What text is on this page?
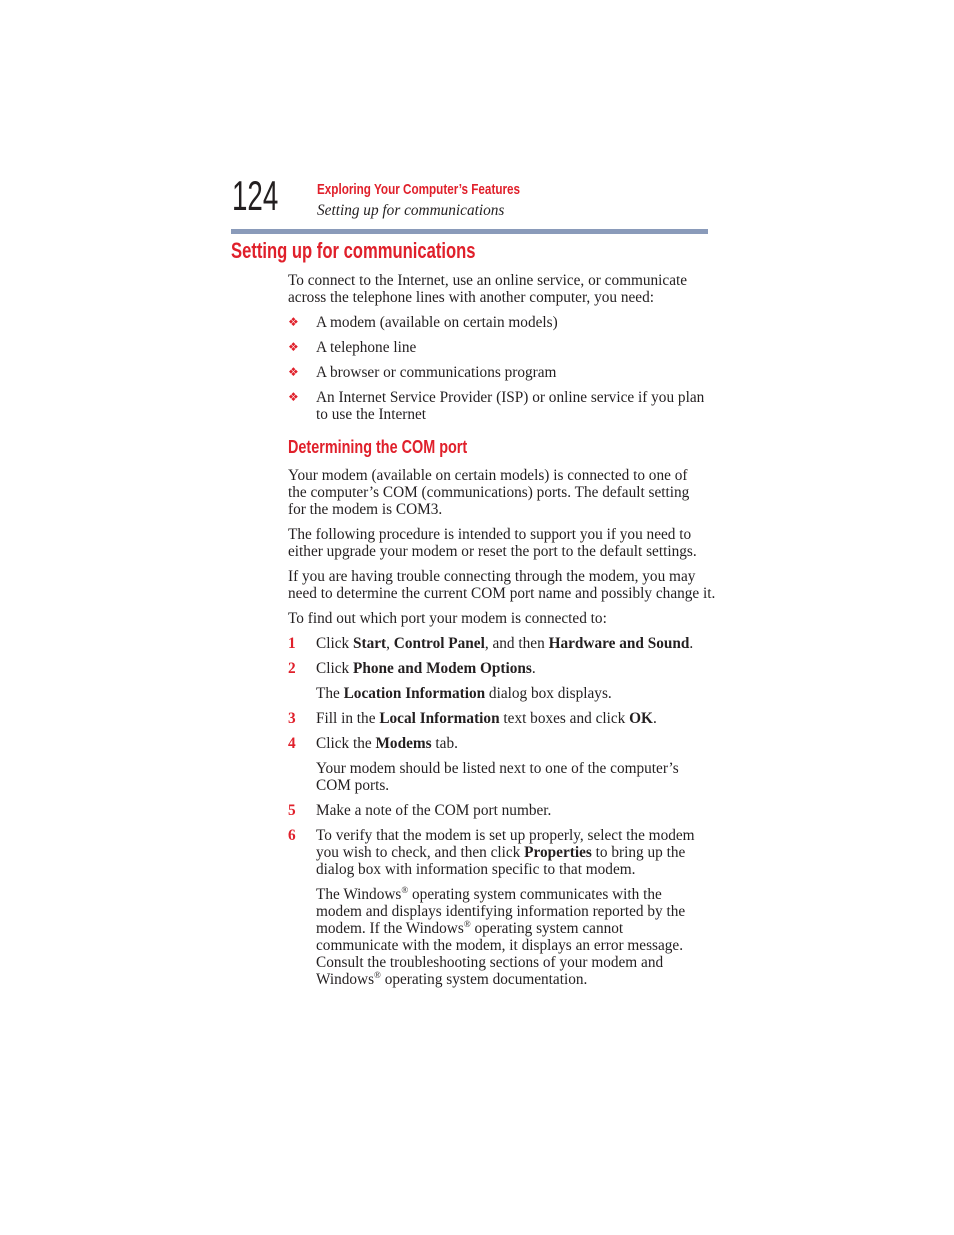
124	Exploring Your Computer’s Features
Setting up for communications
Setting up for communications
To connect to the Internet, use an online service, or communicate
across the telephone lines with another computer, you need:
❖ A modem (available on certain models)
❖ A telephone line
❖ A browser or communications program
❖ An Internet Service Provider (ISP) or online service if you plan
to use the Internet
Determining the COM port
Your modem (available on certain models) is connected to one of
the computer’s COM (communications) ports. The default setting
for the modem is COM3.
The following procedure is intended to support you if you need to
either upgrade your modem or reset the port to the default settings.
If you are having trouble connecting through the modem, you may
need to determine the current COM port name and possibly change it.
To find out which port your modem is connected to:
1 Click Start, Control Panel, and then Hardware and Sound.
2 Click Phone and Modem Options.
The Location Information dialog box displays.
3 Fill in the Local Information text boxes and click OK.
4 Click the Modems tab.
Your modem should be listed next to one of the computer’s
COM ports.
5 Make a note of the COM port number.
6 To verify that the modem is set up properly, select the modem
you wish to check, and then click Properties to bring up the
dialog box with information specific to that modem.
The Windows® operating system communicates with the
modem and displays identifying information reported by the
modem. If the Windows® operating system cannot
communicate with the modem, it displays an error message.
Consult the troubleshooting sections of your modem and
Windows® operating system documentation.
